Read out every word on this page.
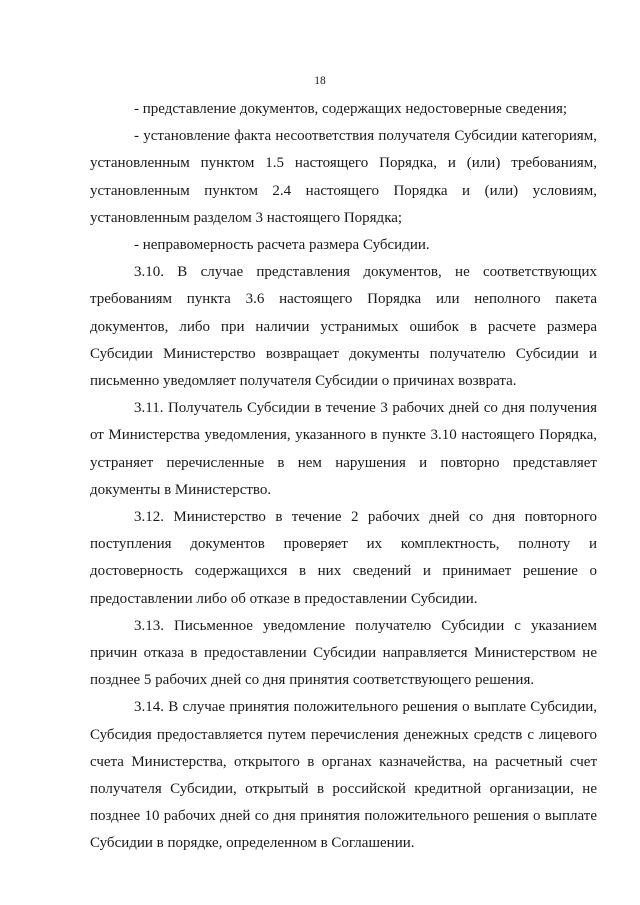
18

- представление документов, содержащих недостоверные сведения;

- установление факта несоответствия получателя Субсидии категориям, установленным пунктом 1.5 настоящего Порядка, и (или) требованиям, установленным пунктом 2.4 настоящего Порядка и (или) условиям, установленным разделом 3 настоящего Порядка;

- неправомерность расчета размера Субсидии.

3.10. В случае представления документов, не соответствующих требованиям пункта 3.6 настоящего Порядка или неполного пакета документов, либо при наличии устранимых ошибок в расчете размера Субсидии Министерство возвращает документы получателю Субсидии и письменно уведомляет получателя Субсидии о причинах возврата.

3.11. Получатель Субсидии в течение 3 рабочих дней со дня получения от Министерства уведомления, указанного в пункте 3.10 настоящего Порядка, устраняет перечисленные в нем нарушения и повторно представляет документы в Министерство.

3.12. Министерство в течение 2 рабочих дней со дня повторного поступления документов проверяет их комплектность, полноту и достоверность содержащихся в них сведений и принимает решение о предоставлении либо об отказе в предоставлении Субсидии.

3.13. Письменное уведомление получателю Субсидии с указанием причин отказа в предоставлении Субсидии направляется Министерством не позднее 5 рабочих дней со дня принятия соответствующего решения.

3.14. В случае принятия положительного решения о выплате Субсидии, Субсидия предоставляется путем перечисления денежных средств с лицевого счета Министерства, открытого в органах казначейства, на расчетный счет получателя Субсидии, открытый в российской кредитной организации, не позднее 10 рабочих дней со дня принятия положительного решения о выплате Субсидии в порядке, определенном в Соглашении.
